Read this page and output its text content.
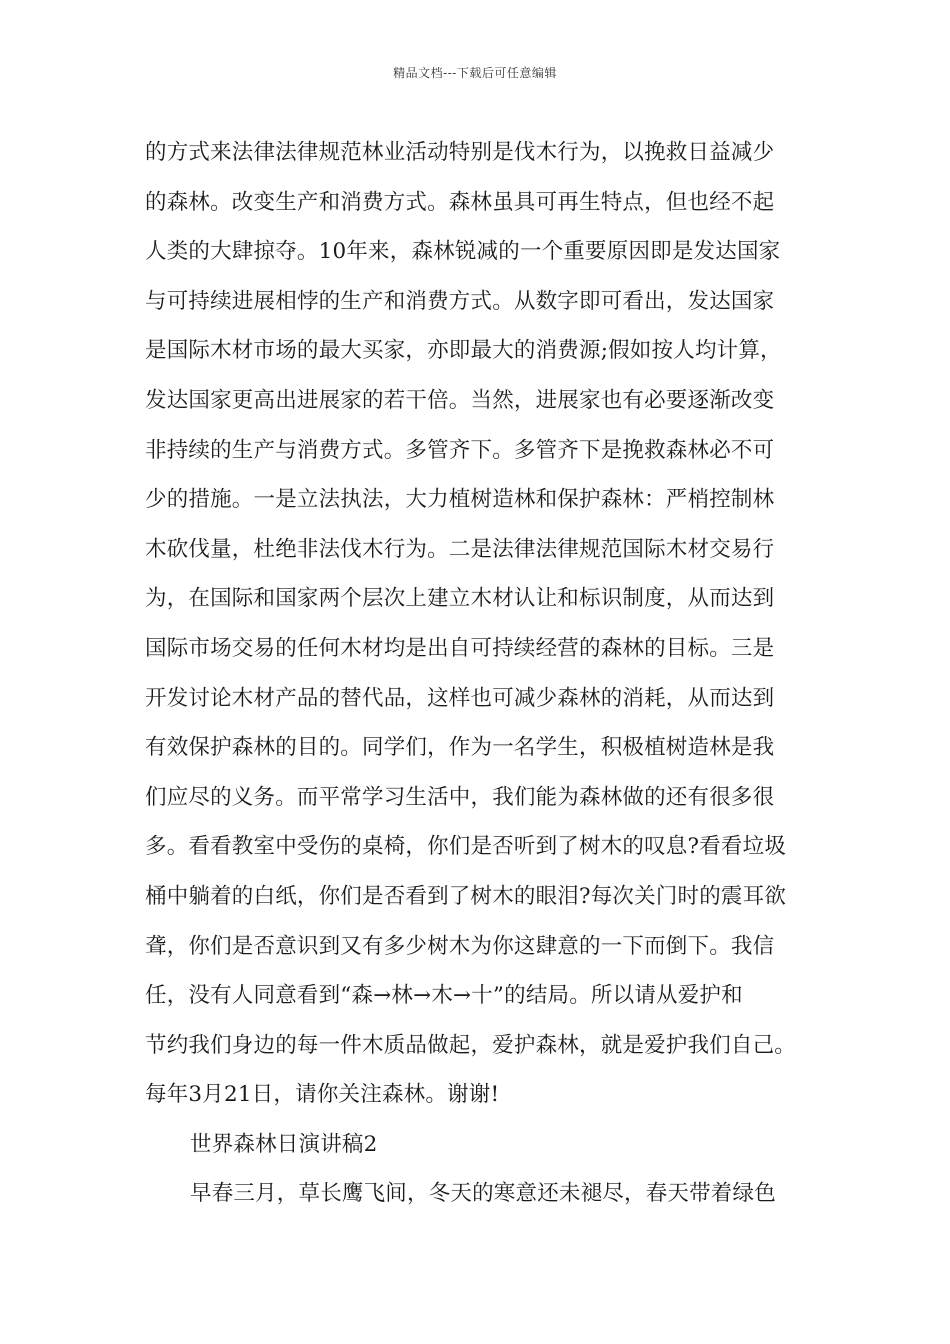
精品文档---下载后可任意编辑
的方式来法律法律规范林业活动特别是伐木行为，以挽救日益减少
的森林。改变生产和消费方式。森林虽具可再生特点，但也经不起
人类的大肆掠夺。10年来，森林锐减的一个重要原因即是发达国家
与可持续进展相悖的生产和消费方式。从数字即可看出，发达国家
是国际木材市场的最大买家，亦即最大的消费源;假如按人均计算，
发达国家更高出进展家的若干倍。当然，进展家也有必要逐渐改变
非持续的生产与消费方式。多管齐下。多管齐下是挽救森林必不可
少的措施。一是立法执法，大力植树造林和保护森林：严梢控制林
木砍伐量，杜绝非法伐木行为。二是法律法律规范国际木材交易行
为，在国际和国家两个层次上建立木材认让和标识制度，从而达到
国际市场交易的任何木材均是出自可持续经营的森林的目标。三是
开发讨论木材产品的替代品，这样也可减少森林的消耗，从而达到
有效保护森林的目的。同学们，作为一名学生，积极植树造林是我
们应尽的义务。而平常学习生活中，我们能为森林做的还有很多很
多。看看教室中受伤的桌椅，你们是否听到了树木的叹息?看看垃圾
桶中躺着的白纸，你们是否看到了树木的眼泪?每次关门时的震耳欲
聋，你们是否意识到又有多少树木为你这肆意的一下而倒下。我信
任，没有人同意看到“森→林→木→十”的结局。所以请从爱护和
节约我们身边的每一件木质品做起，爱护森林，就是爱护我们自己。
每年3月21日，请你关注森林。谢谢!
世界森林日演讲稿2
早春三月，草长鹰飞间，冬天的寒意还未褪尽，春天带着绿色
